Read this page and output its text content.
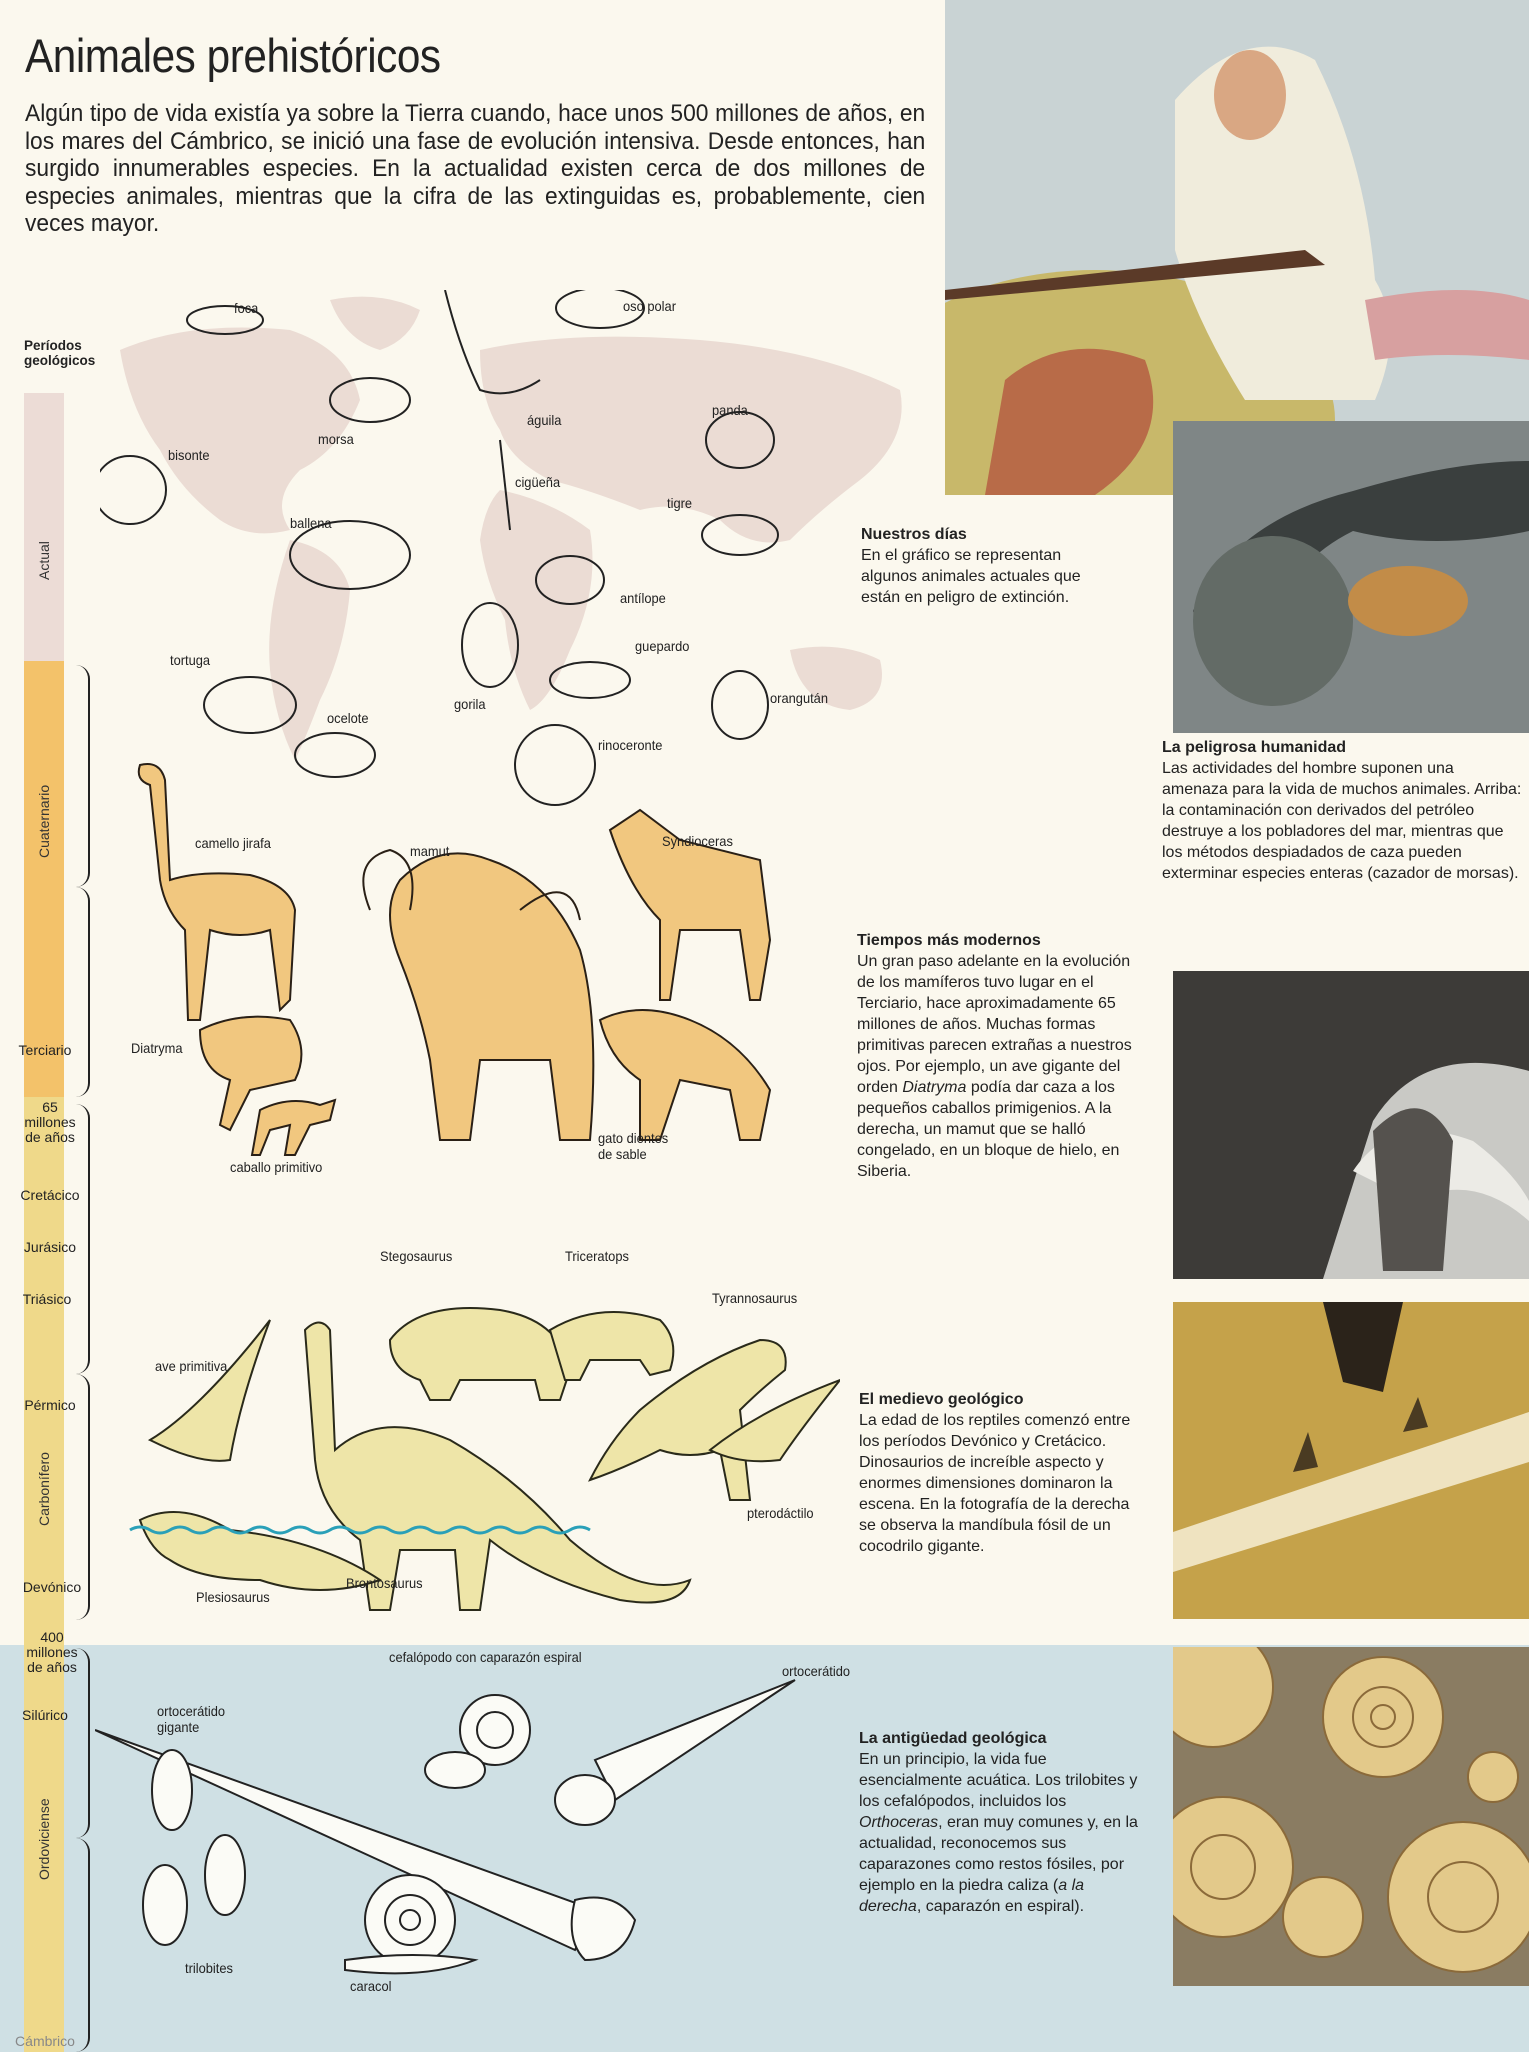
Animales prehistóricos

Algún tipo de vida existía ya sobre la Tierra cuando, hace unos 500 millones de años, en los mares del Cámbrico, se inició una fase de evolución intensiva. Desde entonces, han surgido innumerables especies. En la actualidad existen cerca de dos millones de especies animales, mientras que la cifra de las extinguidas es, probablemente, cien veces mayor.

Períodos
geológicos
Actual
Cuaternario
Terciario
65
millones
de años
Cretácico
Jurásico
Triásico
Pérmico
Carbonífero
Devónico
400
millones
de años
Silúrico
Ordoviciense
Cámbrico
foca	oso polar
morsa
águila
panda
bisonte
cigüeña
tigre
ballena
antílope
guepardo
tortuga
gorila	orangután
ocelote
rinoceronte
camello jirafa	mamut
Syndioceras
Diatryma
caballo primitivo
gato dientes
de sable
Stegosaurus	Triceratops
Tyrannosaurus
ave primitiva
pterodáctilo
Plesiosaurus
Brontosaurus
cefalópodo con caparazón espiral
ortocerátido
ortocerátido
gigante
trilobites
caracol
Nuestros días
En el gráfico se representan algunos animales actuales que están en peligro de extinción.
La peligrosa humanidad
Las actividades del hombre suponen una amenaza para la vida de muchos animales. Arriba: la contaminación con derivados del petróleo destruye a los pobladores del mar, mientras que los métodos despiadados de caza pueden exterminar especies enteras (cazador de morsas).
Tiempos más modernos
Un gran paso adelante en la evolución de los mamíferos tuvo lugar en el Terciario, hace aproximadamente 65 millones de años. Muchas formas primitivas parecen extrañas a nuestros ojos. Por ejemplo, un ave gigante del orden Diatryma podía dar caza a los pequeños caballos primigenios. A la derecha, un mamut que se halló congelado, en un bloque de hielo, en Siberia.
El medievo geológico
La edad de los reptiles comenzó entre los períodos Devónico y Cretácico. Dinosaurios de increíble aspecto y enormes dimensiones dominaron la escena. En la fotografía de la derecha se observa la mandíbula fósil de un cocodrilo gigante.
La antigüedad geológica
En un principio, la vida fue esencialmente acuática. Los trilobites y los cefalópodos, incluidos los Orthoceras, eran muy comunes y, en la actualidad, reconocemos sus caparazones como restos fósiles, por ejemplo en la piedra caliza (a la derecha, caparazón en espiral).
